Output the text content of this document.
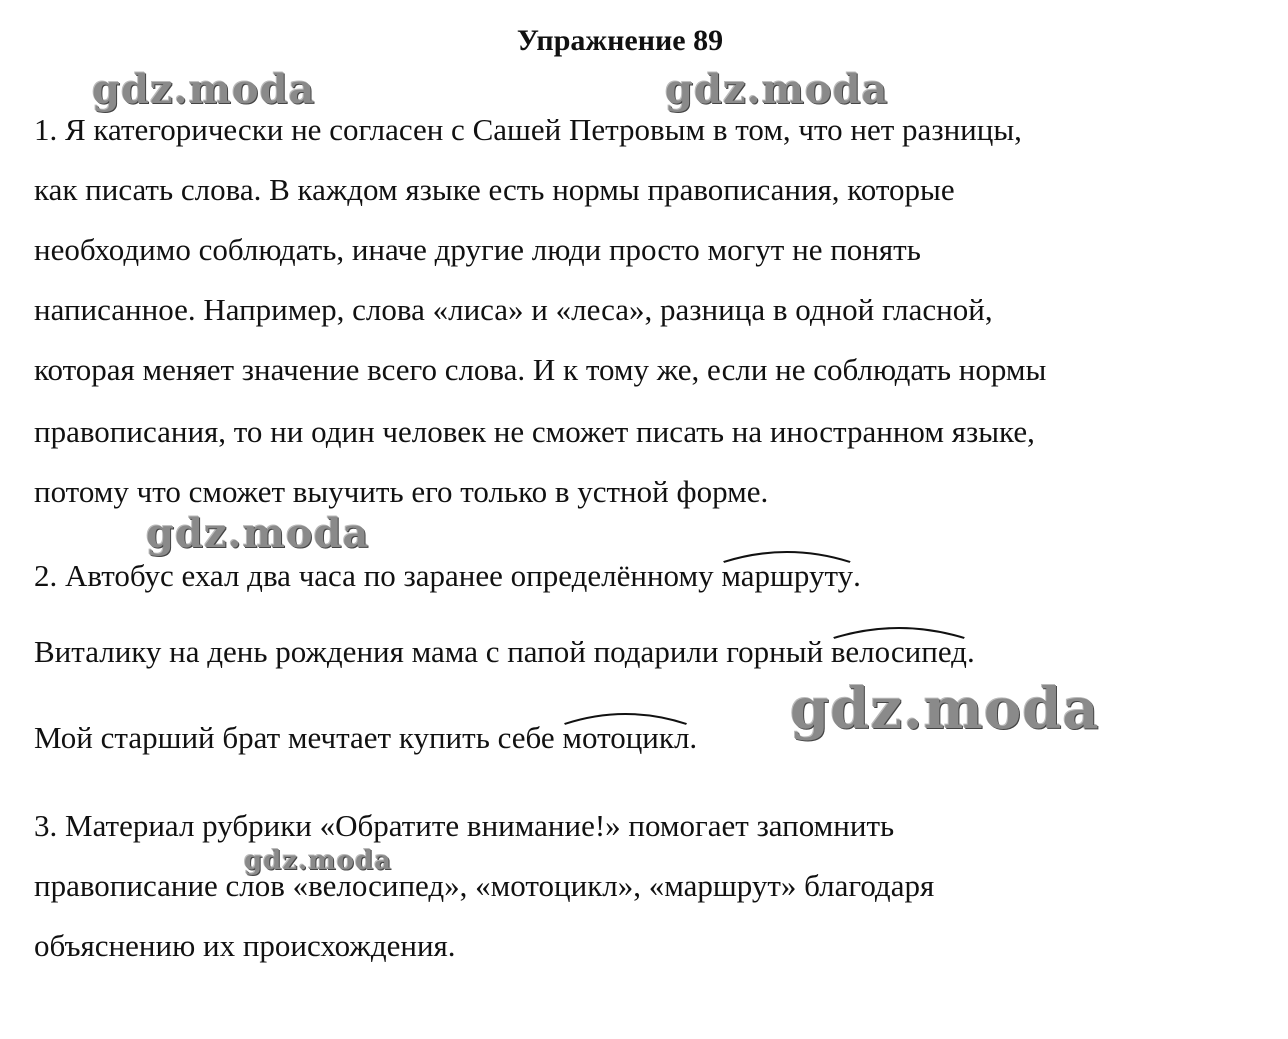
Упражнение 89
gdz.moda	gdz.moda
1. Я категорически не согласен с Сашей Петровым в том, что нет разницы,
как писать слова. В каждом языке есть нормы правописания, которые
необходимо соблюдать, иначе другие люди просто могут не понять
написанное. Например, слова «лиса» и «леса», разница в одной гласной,
которая меняет значение всего слова. И к тому же, если не соблюдать нормы
правописания, то ни один человек не сможет писать на иностранном языке,
потому что сможет выучить его только в устной форме.
gdz.moda
2. Автобус ехал два часа по заранее определённому
маршруту.
Виталику на день рождения мама с папой подарили горный
велосипед.
Мой старший брат мечтает купить себе
мотоцикл. gdz.moda
3. Материал рубрики «Обратите внимание!» помогает запомнить
gdz.moda
правописание слов «велосипед», «мотоцикл», «маршрут» благодаря
объяснению их происхождения.
